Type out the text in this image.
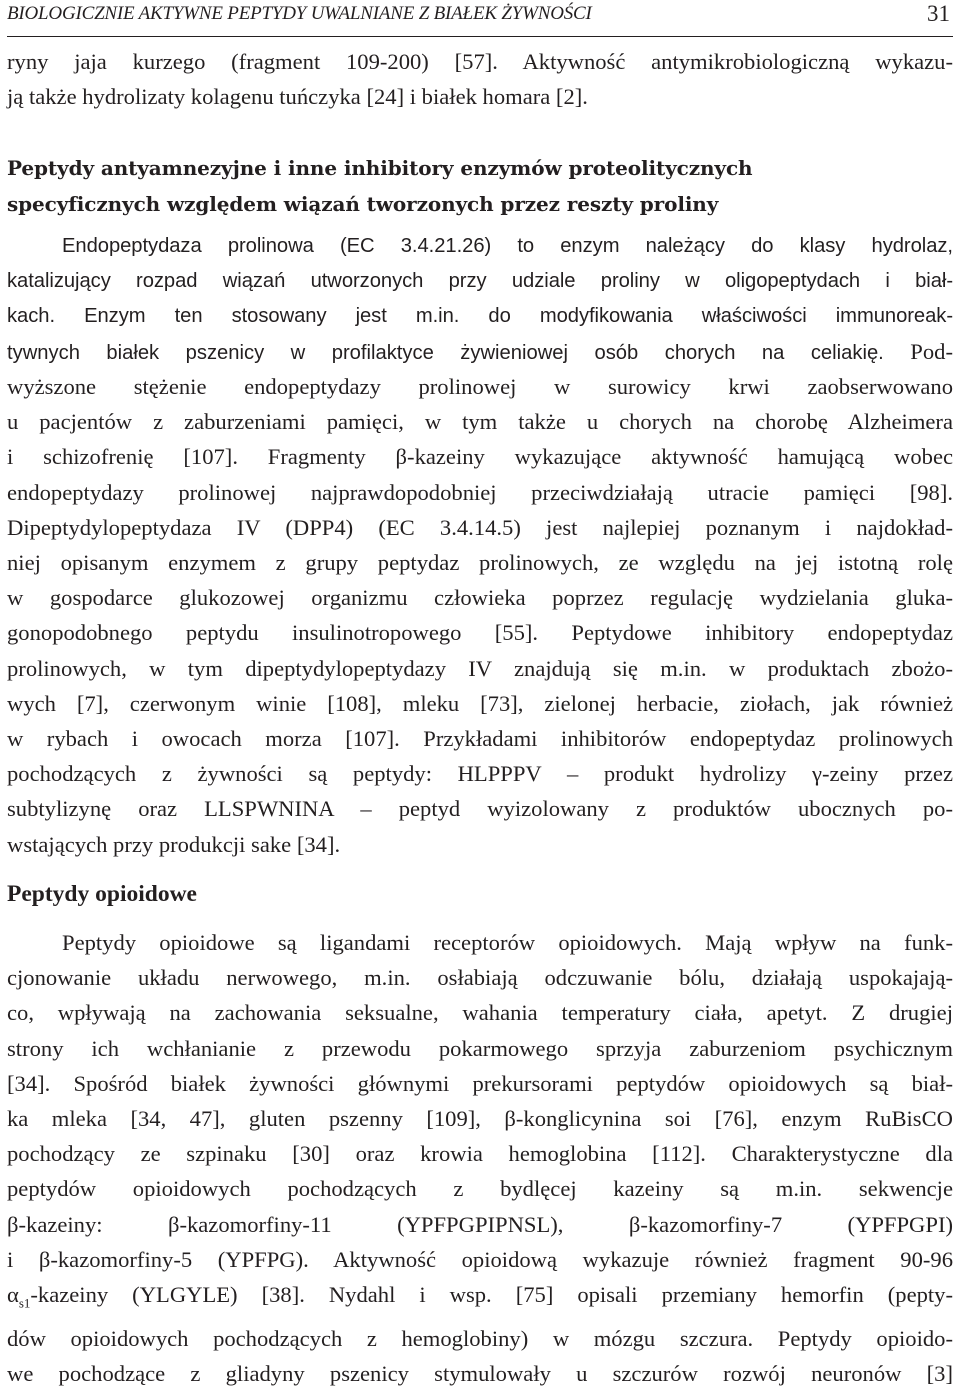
BIOLOGICZNIE AKTYWNE PEPTYDY UWALNIANE Z BIAŁEK ŻYWNOŚCI	31
ryny jaja kurzego (fragment 109-200) [57]. Aktywność antymikrobiologiczną wykazu-
ją także hydrolizaty kolagenu tuńczyka [24] i białek homara [2].
Peptydy antyamnezyjne i inne inhibitory enzymów proteolitycznych
specyficznych względem wiązań tworzonych przez reszty proliny
Endopeptydaza prolinowa (EC 3.4.21.26) to enzym należący do klasy hydrolaz,
katalizujący rozpad wiązań utworzonych przy udziale proliny w oligopeptydach i biał-
kach. Enzym ten stosowany jest m.in. do modyfikowania właściwości immunoreak-
tywnych białek pszenicy w profilaktyce żywieniowej osób chorych na celiakię. Pod-
wyższone stężenie endopeptydazy prolinowej w surowicy krwi zaobserwowano
u pacjentów z zaburzeniami pamięci, w tym także u chorych na chorobę Alzheimera
i schizofrenię [107]. Fragmenty β-kazeiny wykazujące aktywność hamującą wobec
endopeptydazy prolinowej najprawdopodobniej przeciwdziałają utracie pamięci [98].
Dipeptydylopeptydaza IV (DPP4) (EC 3.4.14.5) jest najlepiej poznanym i najdokład-
niej opisanym enzymem z grupy peptydaz prolinowych, ze względu na jej istotną rolę
w gospodarce glukozowej organizmu człowieka poprzez regulację wydzielania gluka-
gonopodobnego peptydu insulinotropowego [55]. Peptydowe inhibitory endopeptydaz
prolinowych, w tym dipeptydylopeptydazy IV znajdują się m.in. w produktach zbożo-
wych [7], czerwonym winie [108], mleku [73], zielonej herbacie, ziołach, jak również
w rybach i owocach morza [107]. Przykładami inhibitorów endopeptydaz prolinowych
pochodzących z żywności są peptydy: HLPPPV – produkt hydrolizy γ-zeiny przez
subtylizynę oraz LLSPWNINA – peptyd wyizolowany z produktów ubocznych po-
wstających przy produkcji sake [34].
Peptydy opioidowe
Peptydy opioidowe są ligandami receptorów opioidowych. Mają wpływ na funk-
cjonowanie układu nerwowego, m.in. osłabiają odczuwanie bólu, działają uspokajają-
co, wpływają na zachowania seksualne, wahania temperatury ciała, apetyt. Z drugiej
strony ich wchłanianie z przewodu pokarmowego sprzyja zaburzeniom psychicznym
[34]. Spośród białek żywności głównymi prekursorami peptydów opioidowych są biał-
ka mleka [34, 47], gluten pszenny [109], β-konglicynina soi [76], enzym RuBisCO
pochodzący ze szpinaku [30] oraz krowia hemoglobina [112]. Charakterystyczne dla
peptydów opioidowych pochodzących z bydlęcej kazeiny są m.in. sekwencje
β-kazeiny: β-kazomorfiny-11 (YPFPGPIPNSL), β-kazomorfiny-7 (YPFPGPI)
i β-kazomorfiny-5 (YPFPG). Aktywność opioidową wykazuje również fragment 90-96
$\alpha_{s1}$-kazeiny (YLGYLE) [38]. Nydahl i wsp. [75] opisali przemiany hemorfin (pepty-
dów opioidowych pochodzących z hemoglobiny) w mózgu szczura. Peptydy opioido-
we pochodzące z gliadyny pszenicy stymulowały u szczurów rozwój neuronów [3]
